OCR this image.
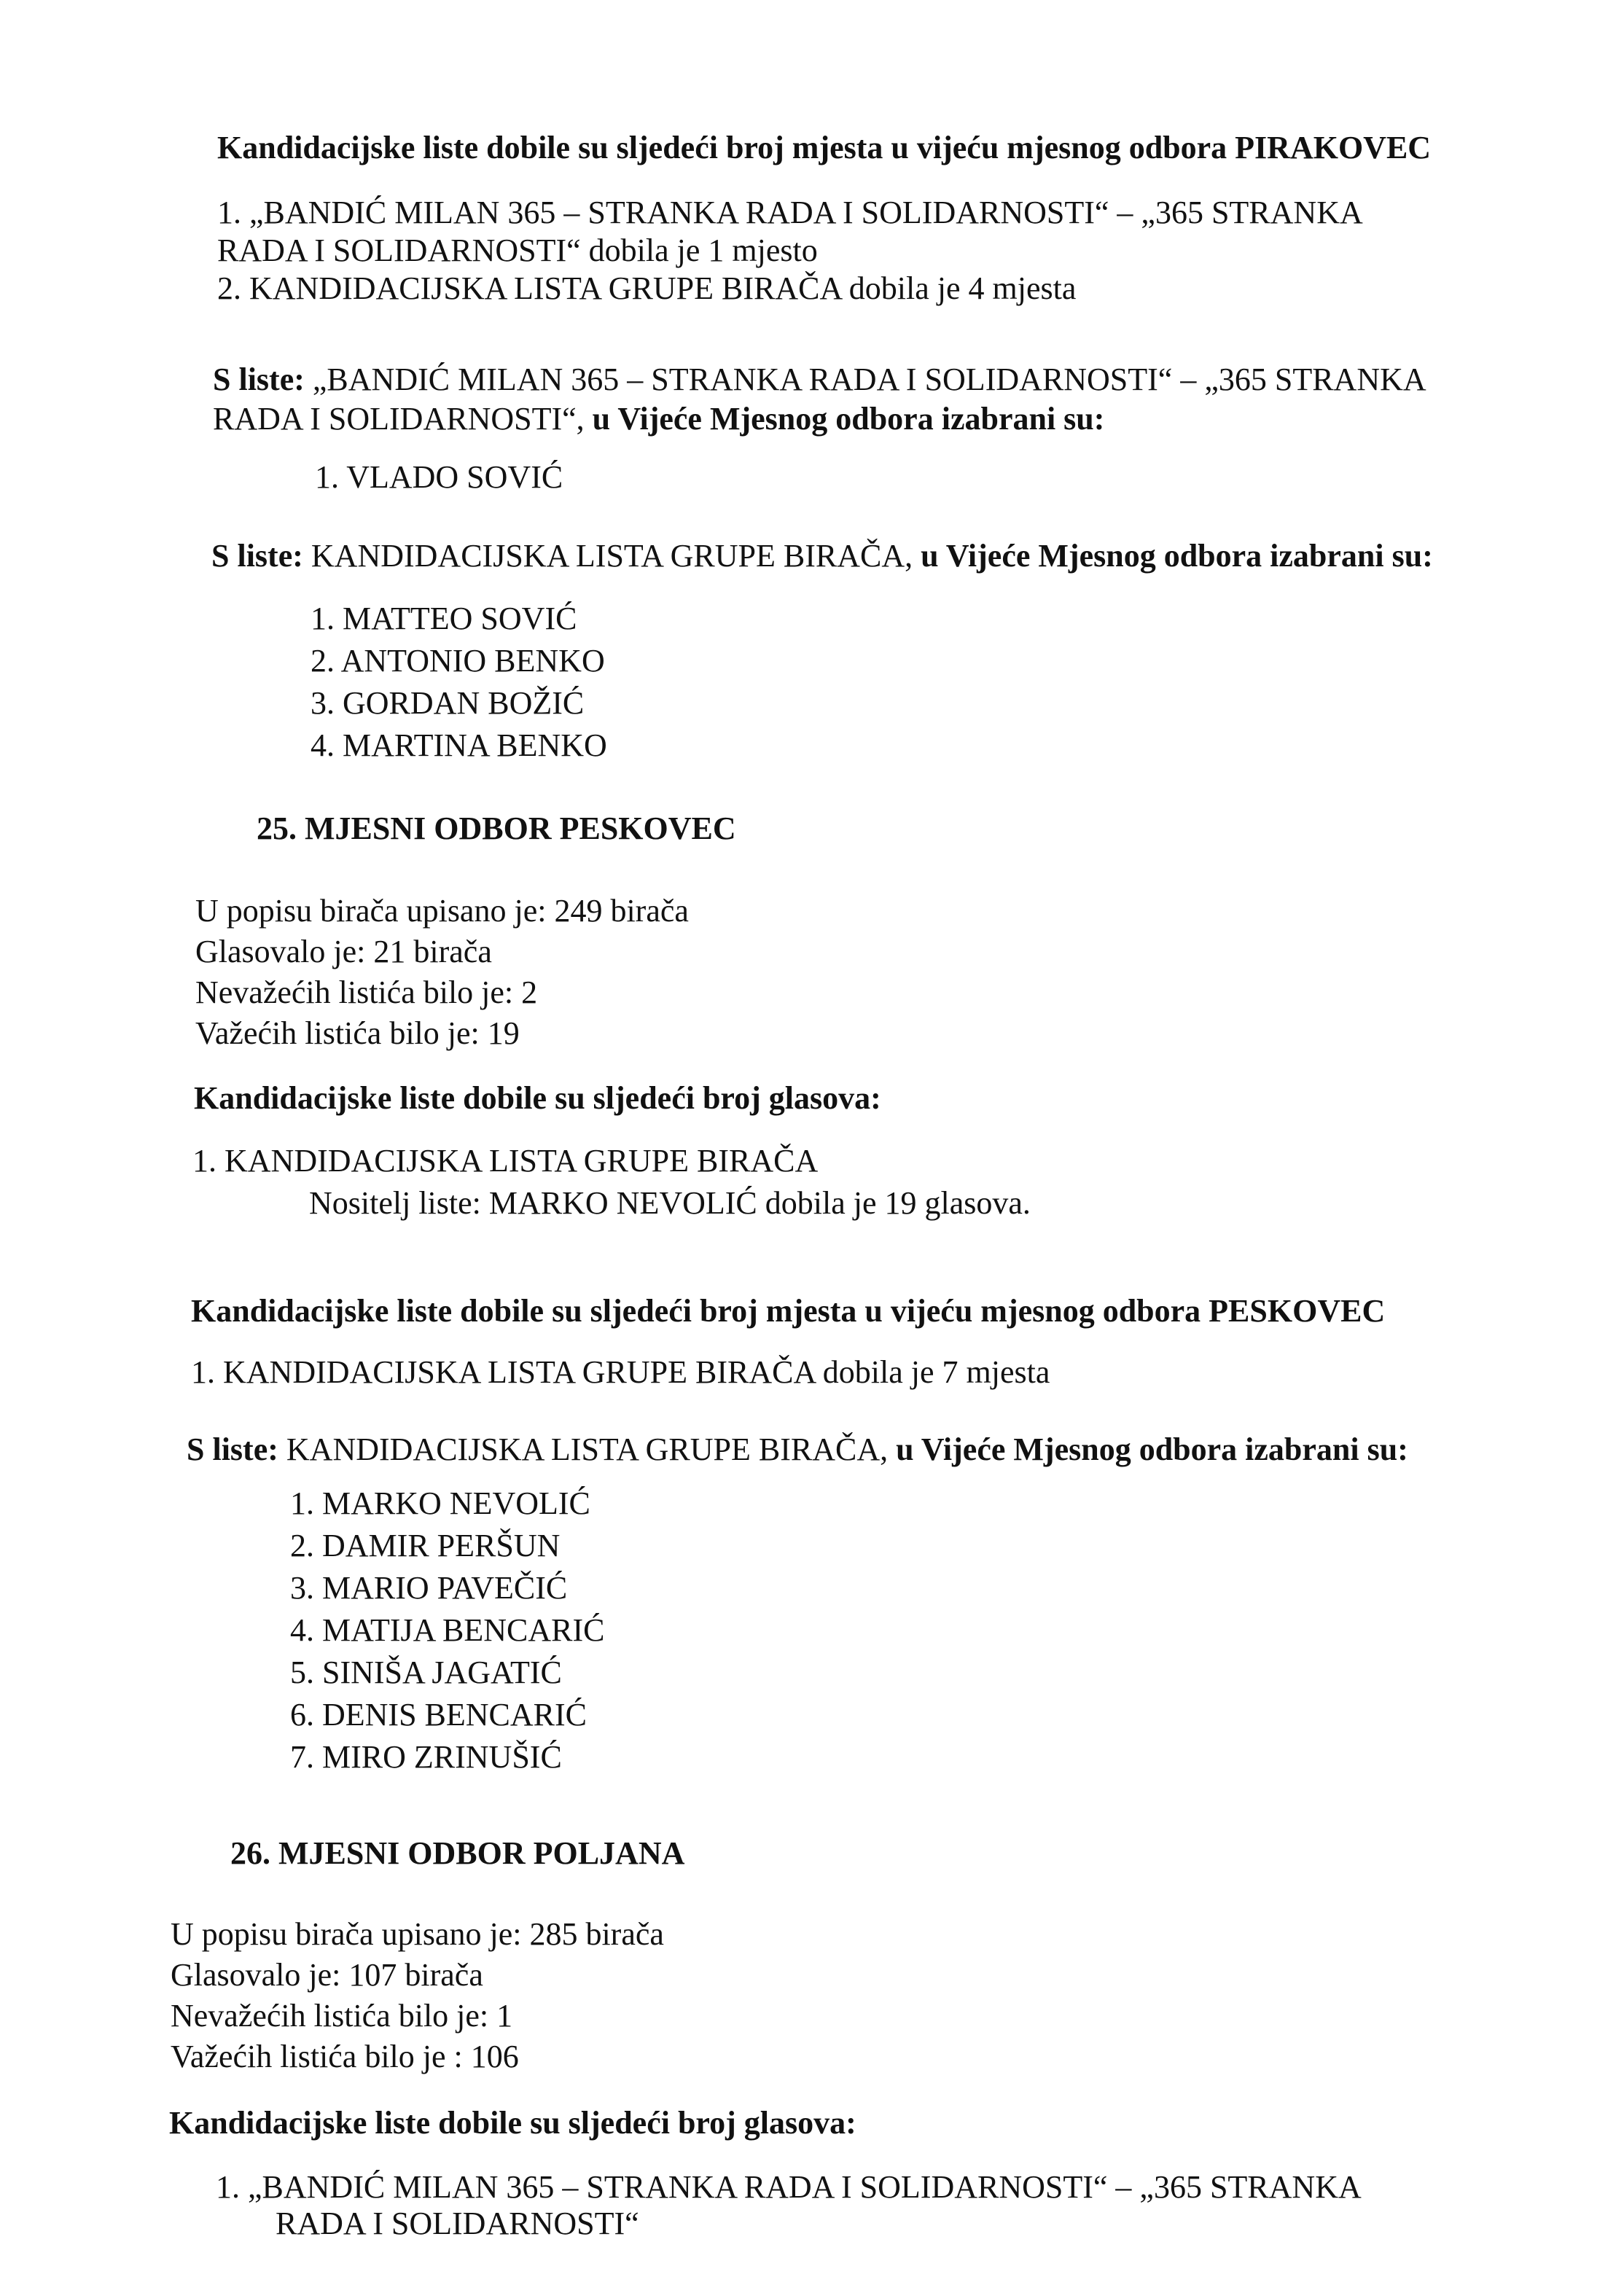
Kandidacijske liste dobile su sljedeći broj mjesta u vijeću mjesnog odbora PIRAKOVEC
1. „BANDIĆ MILAN 365 – STRANKA RADA I SOLIDARNOSTI“ – „365 STRANKA
RADA I SOLIDARNOSTI“ dobila je 1 mjesto
2. KANDIDACIJSKA LISTA GRUPE BIRAČA dobila je 4 mjesta
S liste: „BANDIĆ MILAN 365 – STRANKA RADA I SOLIDARNOSTI“ – „365 STRANKA
RADA I SOLIDARNOSTI“, u Vijeće Mjesnog odbora izabrani su:
1. VLADO SOVIĆ
S liste: KANDIDACIJSKA LISTA GRUPE BIRAČA, u Vijeće Mjesnog odbora izabrani su:
1. MATTEO SOVIĆ
2. ANTONIO BENKO
3. GORDAN BOŽIĆ
4. MARTINA BENKO
25. MJESNI ODBOR PESKOVEC
U popisu birača upisano je: 249 birača
Glasovalo je: 21 birača
Nevažećih listića bilo je: 2
Važećih listića bilo je: 19
Kandidacijske liste dobile su sljedeći broj glasova:
1. KANDIDACIJSKA LISTA GRUPE BIRAČA
Nositelj liste: MARKO NEVOLIĆ dobila je 19 glasova.
Kandidacijske liste dobile su sljedeći broj mjesta u vijeću mjesnog odbora PESKOVEC
1. KANDIDACIJSKA LISTA GRUPE BIRAČA dobila je 7 mjesta
S liste: KANDIDACIJSKA LISTA GRUPE BIRAČA, u Vijeće Mjesnog odbora izabrani su:
1. MARKO NEVOLIĆ
2. DAMIR PERŠUN
3. MARIO PAVEČIĆ
4. MATIJA BENCARIĆ
5. SINIŠA JAGATIĆ
6. DENIS BENCARIĆ
7. MIRO ZRINUŠIĆ
26. MJESNI ODBOR POLJANA
U popisu birača upisano je: 285 birača
Glasovalo je: 107 birača
Nevažećih listića bilo je: 1
Važećih listića bilo je : 106
Kandidacijske liste dobile su sljedeći broj glasova:
1. „BANDIĆ MILAN 365 – STRANKA RADA I SOLIDARNOSTI“ – „365 STRANKA
RADA I SOLIDARNOSTI“
